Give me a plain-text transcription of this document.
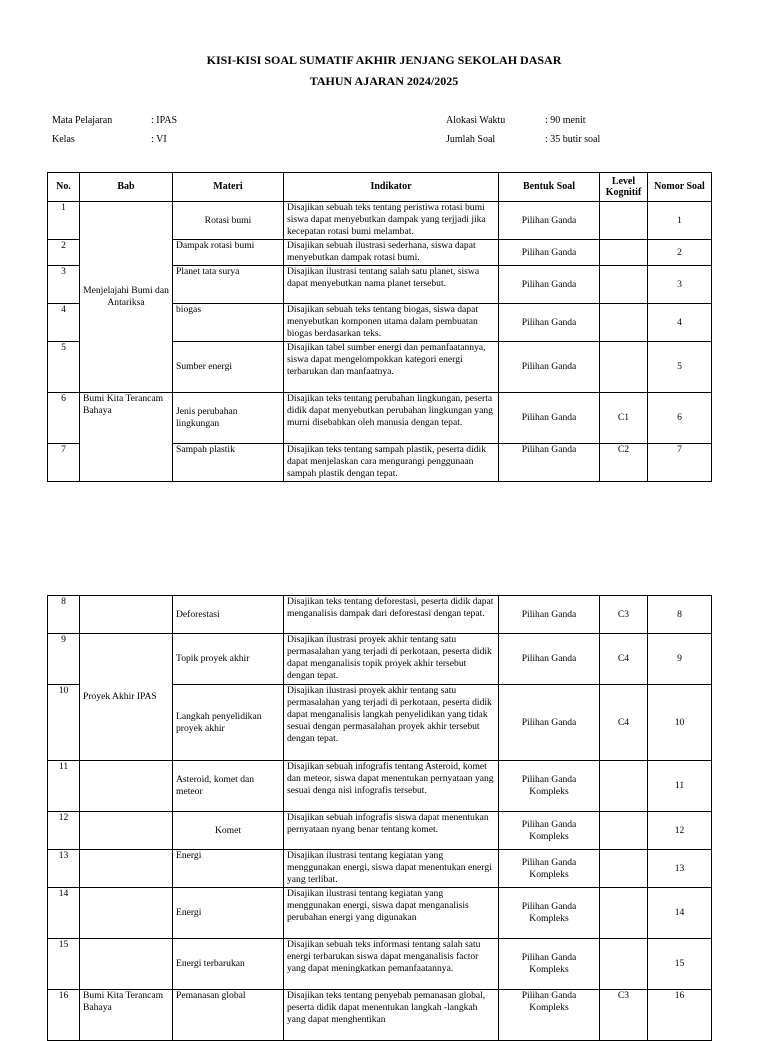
KISI-KISI SOAL SUMATIF AKHIR JENJANG SEKOLAH DASAR
TAHUN AJARAN 2024/2025
Mata Pelajaran	: IPAS
Kelas	: VI
Alokasi Waktu	: 90 menit
Jumlah Soal	: 35 butir soal
No.	Bab	Materi	Indikator	Bentuk Soal	Level Kognitif	Nomor Soal
1	Menjelajahi Bumi dan Antariksa	Rotasi bumi	Disajikan sebuah teks tentang peristiwa rotasi bumi siswa dapat menyebutkan dampak yang terjjadi jika kecepatan rotasi bumi melambat.	Pilihan Ganda		1
2		Dampak rotasi bumi	Disajikan sebuah ilustrasi sederhana, siswa dapat menyebutkan dampak rotasi bumi.	Pilihan Ganda		2
3		Planet tata surya	Disajikan ilustrasi tentang salah satu planet, siswa dapat menyebutkan nama planet tersebut.	Pilihan Ganda		3
4		biogas	Disajikan sebuah teks tentang biogas, siswa dapat menyebutkan komponen utama dalam pembuatan biogas berdasarkan teks.	Pilihan Ganda		4
5		Sumber energi	Disajikan tabel sumber energi dan pemanfaatannya, siswa dapat mengelompokkan kategori energi terbarukan dan manfaatnya.	Pilihan Ganda		5
6	Bumi Kita Terancam Bahaya	Jenis perubahan lingkungan	Disajikan teks tentang perubahan lingkungan, peserta didik dapat menyebutkan perubahan lingkungan yang murni disebabkan oleh manusia dengan tepat.	Pilihan Ganda	C1	6
7		Sampah plastik	Disajikan teks tentang sampah plastik, peserta didik dapat menjelaskan cara mengurangi penggunaan sampah plastik dengan tepat.	Pilihan Ganda	C2	7
8		Deforestasi	Disajikan teks tentang deforestasi, peserta didik dapat menganalisis dampak dari deforestasi dengan tepat.	Pilihan Ganda	C3	8
9	Proyek Akhir IPAS	Topik proyek akhir	Disajikan ilustrasi proyek akhir tentang satu permasalahan yang terjadi di perkotaan, peserta didik dapat menganalisis topik proyek akhir tersebut dengan tepat.	Pilihan Ganda	C4	9
10		Langkah penyelidikan proyek akhir	Disajikan ilustrasi proyek akhir tentang satu permasalahan yang terjadi di perkotaan, peserta didik dapat menganalisis langkah penyelidikan yang tidak sesuai dengan permasalahan proyek akhir tersebut dengan tepat.	Pilihan Ganda	C4	10
11		Asteroid, komet dan meteor	Disajikan sebuah infografis tentang Asteroid, komet dan meteor, siswa dapat menentukan pernyataan yang sesuai denga nisi infografis tersebut.	Pilihan Ganda Kompleks		11
12		Komet	Disajikan sebuah infografis siswa dapat menentukan pernyataan nyang benar tentang komet.	Pilihan Ganda Kompleks		12
13		Energi	Disajikan ilustrasi tentang kegiatan yang menggunakan energi, siswa dapat menentukan energi yang terlibat.	Pilihan Ganda Kompleks		13
14		Energi	Disajikan ilustrasi tentang kegiatan yang menggunakan energi, siswa dapat menganalisis perubahan energi yang digunakan	Pilihan Ganda Kompleks		14
15		Energi terbarukan	Disajikan sebuah teks informasi tentang salah satu energi terbarukan siswa dapat menganalisis factor yang dapat meningkatkan pemanfaatannya.	Pilihan Ganda Kompleks		15
16	Bumi Kita Terancam Bahaya	Pemanasan global	Disajikan teks tentang penyebab pemanasan global, peserta didik dapat menentukan langkah -langkah yang dapat menghentikan	Pilihan Ganda Kompleks	C3	16
